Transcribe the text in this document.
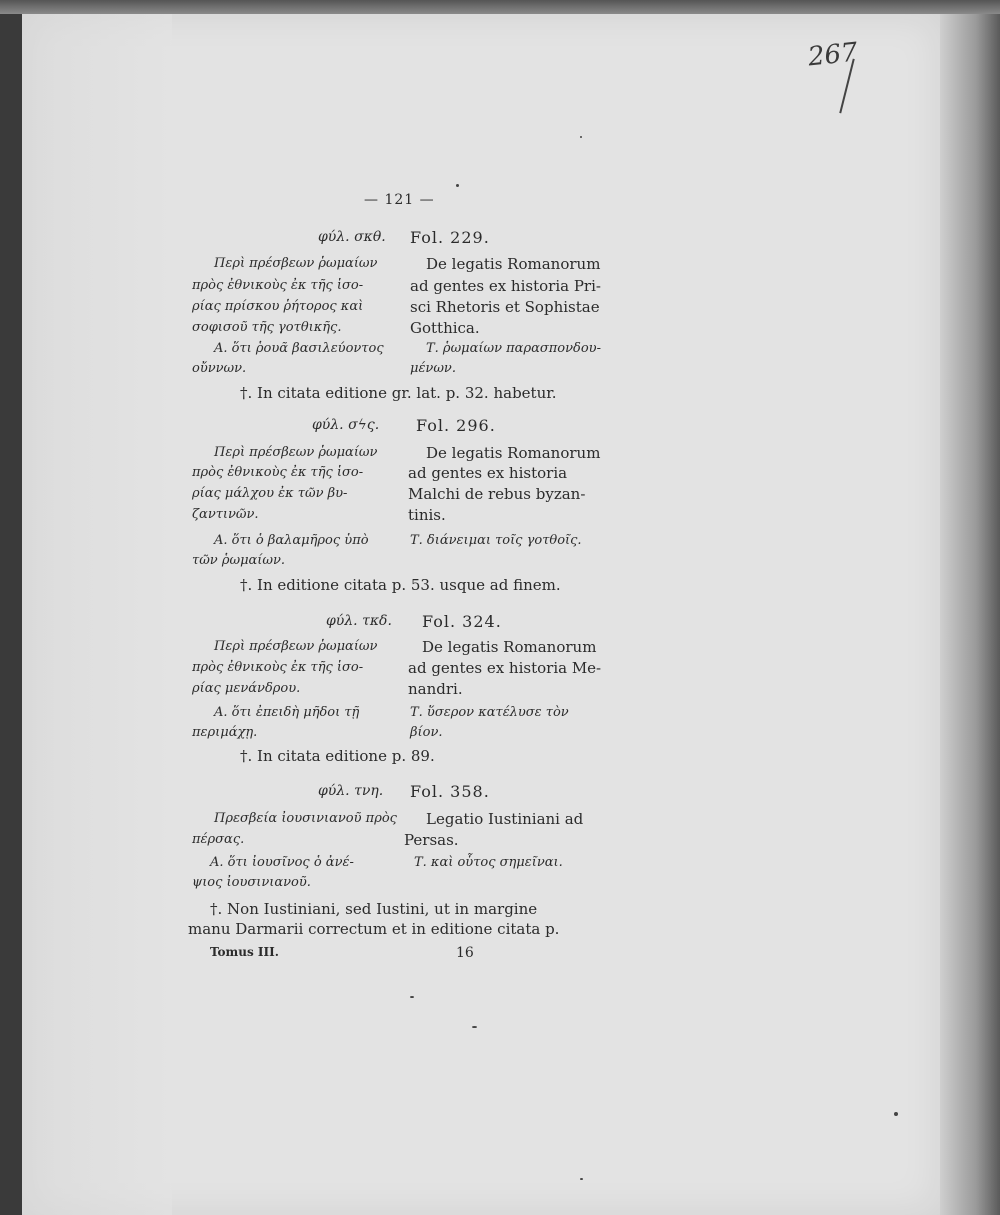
267
— 121 —
φύλ. σκθ. Fol. 229.
Περὶ πρέσβεων ῥωμαίων
πρὸς ἐθνικοὺς ἐκ τῆς ἱσο-
ρίας πρίσκου ῥήτορος καὶ
σοφισοῦ τῆς γοτθικῆς.
De legatis Romanorum
ad gentes ex historia Pri-
sci Rhetoris et Sophistae
Gotthica.
Α. ὅτι ῥουᾶ βασιλεύοντος
οὔννων.
Τ. ῥωμαίων παρασπονδου-
μένων.
†. In citata editione gr. lat. p. 32. habetur.
φύλ. σϟς. Fol. 296.
Περὶ πρέσβεων ῥωμαίων
πρὸς ἐθνικοὺς ἐκ τῆς ἱσο-
ρίας μάλχου ἐκ τῶν βυ-
ζαντινῶν.
De legatis Romanorum
ad gentes ex historia
Malchi de rebus byzan-
tinis.
Α. ὅτι ὁ βαλαμῆρος ὑπὸ
τῶν ῥωμαίων.
Τ. διάνειμαι τοῖς γοτθοῖς.
†. In editione citata p. 53. usque ad finem.
φύλ. τκδ. Fol. 324.
Περὶ πρέσβεων ῥωμαίων
πρὸς ἐθνικοὺς ἐκ τῆς ἱσο-
ρίας μενάνδρου.
De legatis Romanorum
ad gentes ex historia Me-
nandri.
Α. ὅτι ἐπειδὴ μῆδοι τῇ
περιμάχῃ.
Τ. ὕσερον κατέλυσε τὸν
βίον.
†. In citata editione p. 89.
φύλ. τνη. Fol. 358.
Πρεσβεία ἰουσινιανοῦ πρὸς
πέρσας.
Legatio Iustiniani ad
Persas.
Α. ὅτι ἰουσῖνος ὁ ἀνέ-
ψιος ἰουσινιανοῦ.
Τ. καὶ οὗτος σημεῖναι.
†. Non Iustiniani, sed Iustini, ut in margine
manu Darmarii correctum et in editione citata p.
Tomus III.	16
